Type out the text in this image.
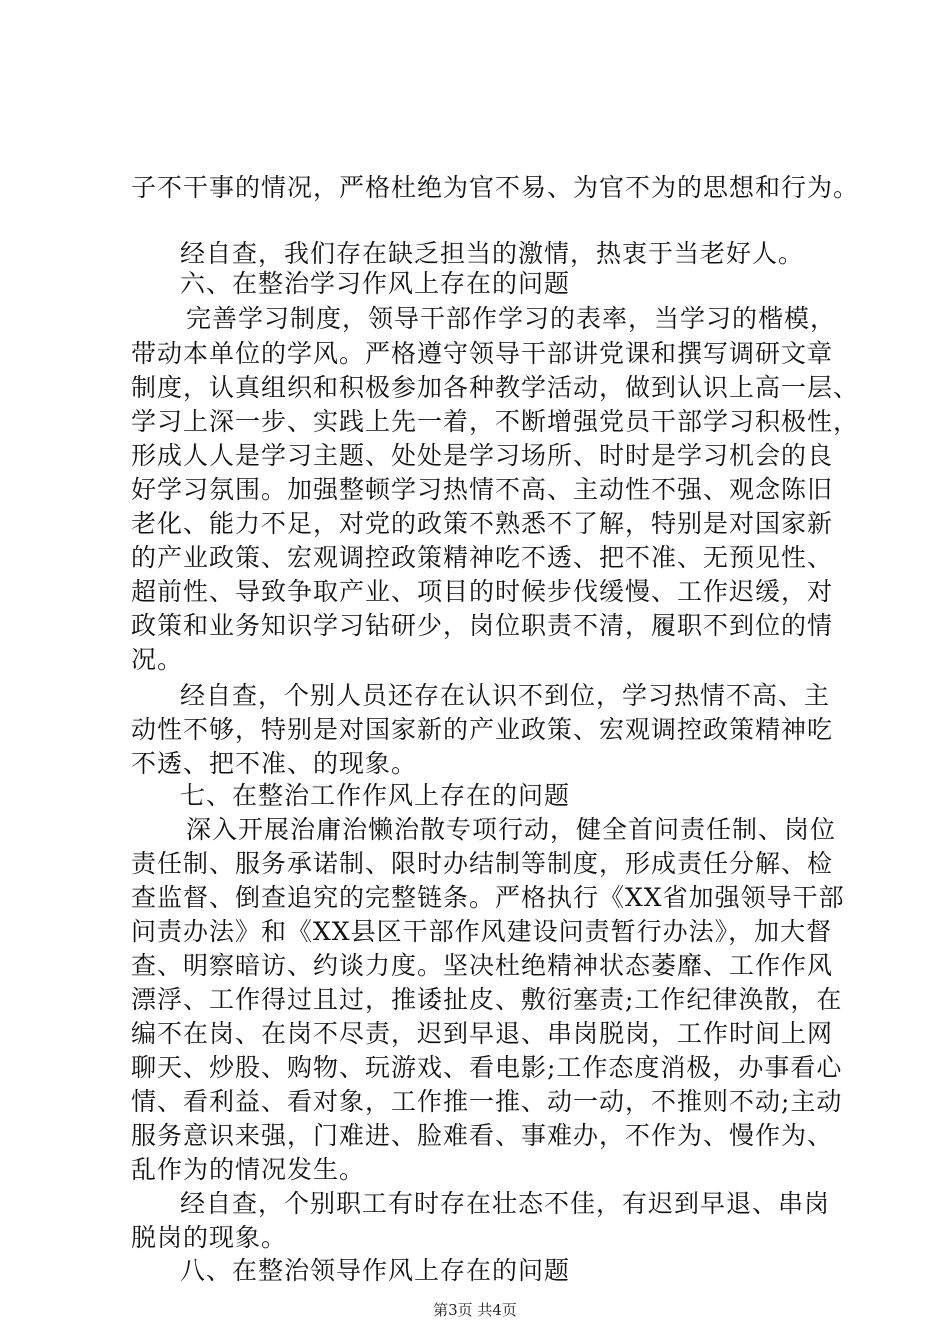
子不干事的情况，严格杜绝为官不易、为官不为的思想和行为。
经自查，我们存在缺乏担当的激情，热衷于当老好人。
六、在整治学习作风上存在的问题
完善学习制度，领导干部作学习的表率，当学习的楷模，
带动本单位的学风。严格遵守领导干部讲党课和撰写调研文章
制度，认真组织和积极参加各种教学活动，做到认识上高一层、
学习上深一步、实践上先一着，不断增强党员干部学习积极性，
形成人人是学习主题、处处是学习场所、时时是学习机会的良
好学习氛围。加强整顿学习热情不高、主动性不强、观念陈旧
老化、能力不足，对党的政策不熟悉不了解，特别是对国家新
的产业政策、宏观调控政策精神吃不透、把不准、无预见性、
超前性、导致争取产业、项目的时候步伐缓慢、工作迟缓，对
政策和业务知识学习钻研少，岗位职责不清，履职不到位的情
况。
经自查，个别人员还存在认识不到位，学习热情不高、主
动性不够，特别是对国家新的产业政策、宏观调控政策精神吃
不透、把不准、的现象。
七、在整治工作作风上存在的问题
深入开展治庸治懒治散专项行动，健全首问责任制、岗位
责任制、服务承诺制、限时办结制等制度，形成责任分解、检
查监督、倒查追究的完整链条。严格执行《XX省加强领导干部
问责办法》和《XX县区干部作风建设问责暂行办法》，加大督
查、明察暗访、约谈力度。坚决杜绝精神状态萎靡、工作作风
漂浮、工作得过且过，推诿扯皮、敷衍塞责;工作纪律涣散，在
编不在岗、在岗不尽责，迟到早退、串岗脱岗，工作时间上网
聊天、炒股、购物、玩游戏、看电影;工作态度消极，办事看心
情、看利益、看对象，工作推一推、动一动，不推则不动;主动
服务意识来强，门难进、脸难看、事难办，不作为、慢作为、
乱作为的情况发生。
经自查，个别职工有时存在壮态不佳，有迟到早退、串岗
脱岗的现象。
八、在整治领导作风上存在的问题
第3页 共4页
